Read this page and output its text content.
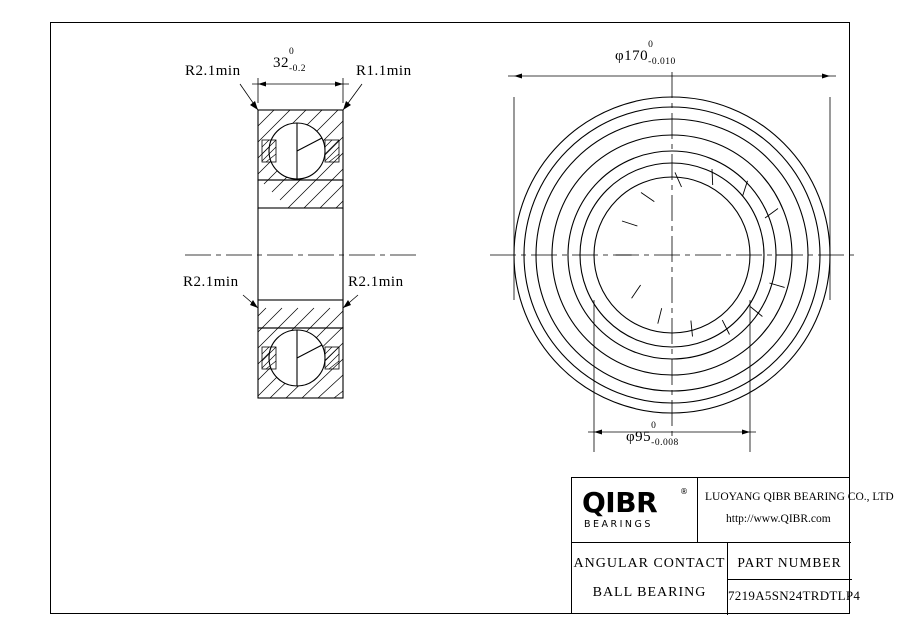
32
0
-0.2
R2.1min	R1.1min
R2.1min	R2.1min
φ170
0
-0.010
φ95
0
-0.008
QIBR	®
BEARINGS
LUOYANG QIBR BEARING CO., LTD
http://www.QIBR.com
ANGULAR CONTACT
BALL BEARING
PART NUMBER
7219A5SN24TRDTLP4
